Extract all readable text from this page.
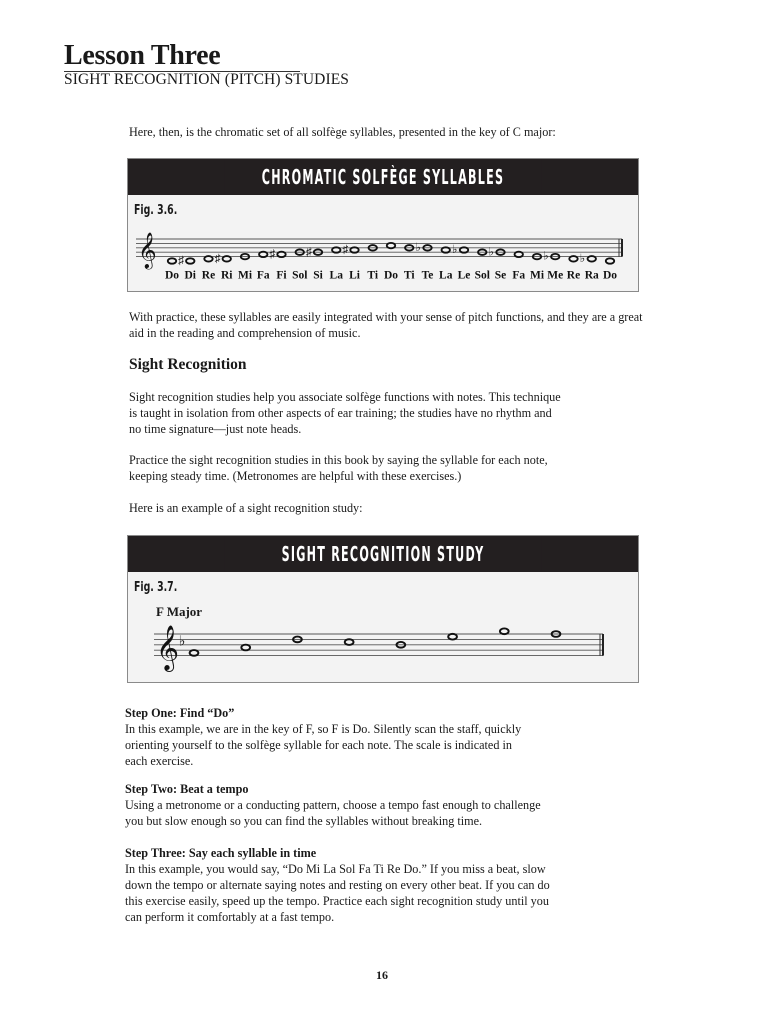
Lesson Three
SIGHT RECOGNITION (PITCH) STUDIES
Here, then, is the chromatic set of all solfège syllables, presented in the key of C major:
CHROMATIC SOLFÈGE SYLLABLES
Fig. 3.6.
𝄞
Do
♯
Di Re
♯
Ri Mi Fa
♯
Fi Sol
♯
Si La
♯
Li Ti Do Ti
♭
Te La
♭
Le Sol
♭
Se Fa Mi
♭
Me Re
♭
Ra Do
With practice, these syllables are easily integrated with your sense of pitch functions, and they are a great aid in the reading and comprehension of music.
Sight Recognition
Sight recognition studies help you associate solfège functions with notes. This technique
is taught in isolation from other aspects of ear training; the studies have no rhythm and
no time signature—just note heads.
Practice the sight recognition studies in this book by saying the syllable for each note,
keeping steady time. (Metronomes are helpful with these exercises.)
Here is an example of a sight recognition study:
SIGHT RECOGNITION STUDY
Fig. 3.7.
F Major
𝄞 ♭
Step One: Find “Do”
In this example, we are in the key of F, so F is Do. Silently scan the staff, quickly
orienting yourself to the solfège syllable for each note. The scale is indicated in
each exercise.
Step Two: Beat a tempo
Using a metronome or a conducting pattern, choose a tempo fast enough to challenge
you but slow enough so you can find the syllables without breaking time.
Step Three: Say each syllable in time
In this example, you would say, “Do Mi La Sol Fa Ti Re Do.” If you miss a beat, slow
down the tempo or alternate saying notes and resting on every other beat. If you can do
this exercise easily, speed up the tempo. Practice each sight recognition study until you
can perform it comfortably at a fast tempo.
16
